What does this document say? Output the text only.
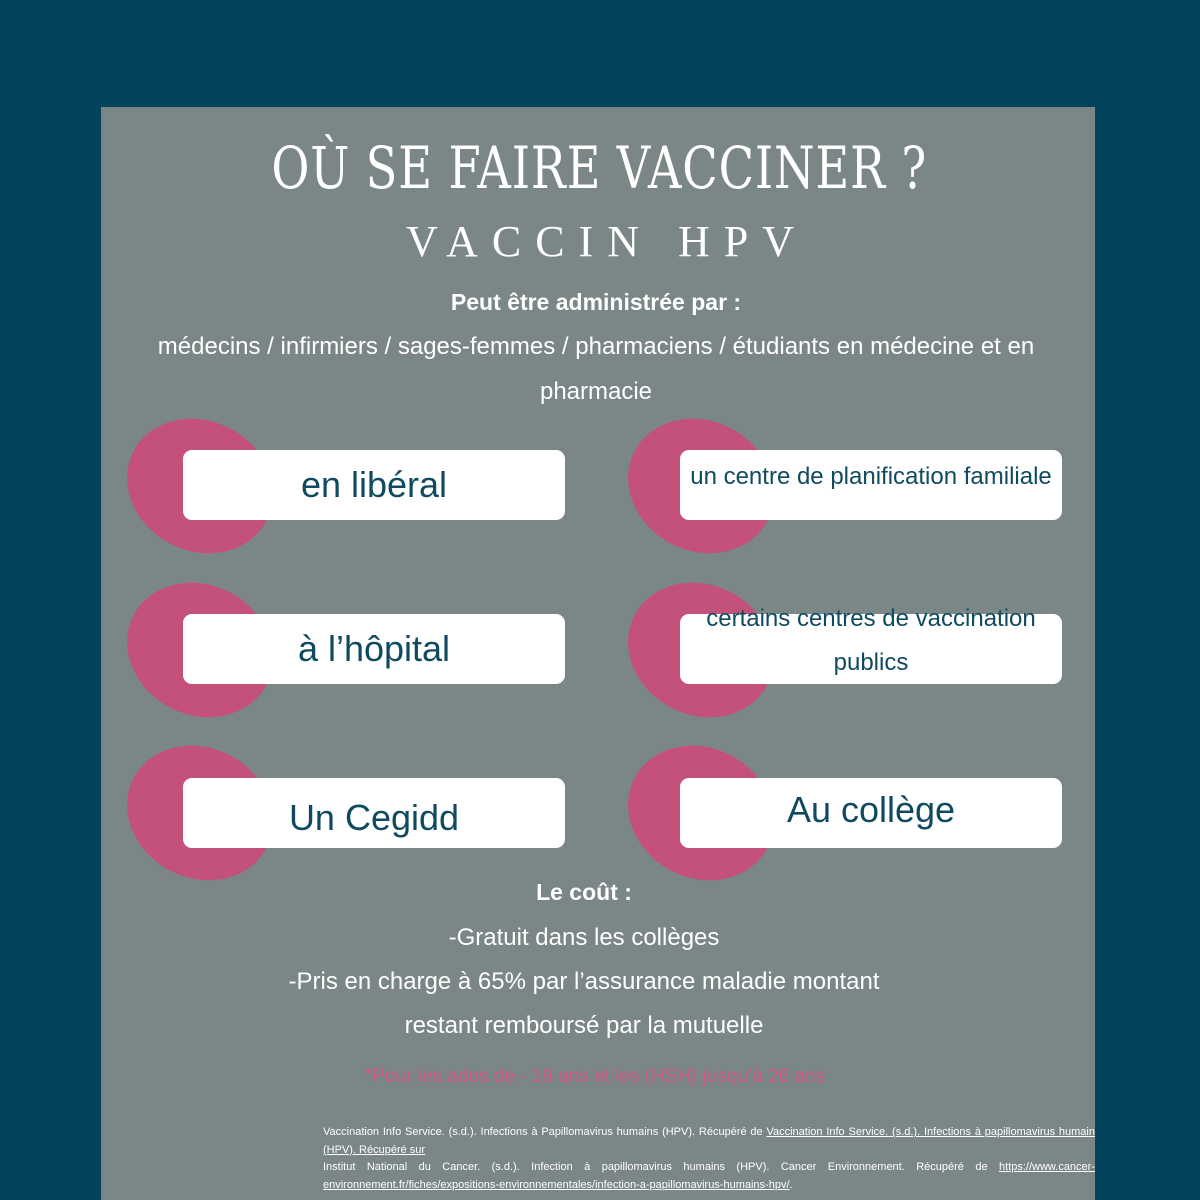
OÙ SE FAIRE VACCINER ?
VACCIN HPV
Peut être administrée par :
médecins / infirmiers / sages-femmes / pharmaciens / étudiants en médecine et en pharmacie
en libéral	un centre de planification familiale
à l’hôpital
certains centres de vaccination publics
Un Cegidd	Au collège
Le coût :
-Gratuit dans les collèges
-Pris en charge à 65% par l’assurance maladie montant
restant remboursé par la mutuelle
*Pour les ados de - 19 ans et les (HSH) jusqu’à 26 ans
Vaccination Info Service. (s.d.). Infections à Papillomavirus humains (HPV). Récupéré de Vaccination Info Service. (s.d.). Infections à papillomavirus humain (HPV). Récupéré sur
Institut National du Cancer. (s.d.). Infection à papillomavirus humains (HPV). Cancer Environnement. Récupéré de https://www.cancer-environnement.fr/fiches/expositions-environnementales/infection-a-papillomavirus-humains-hpv/.
